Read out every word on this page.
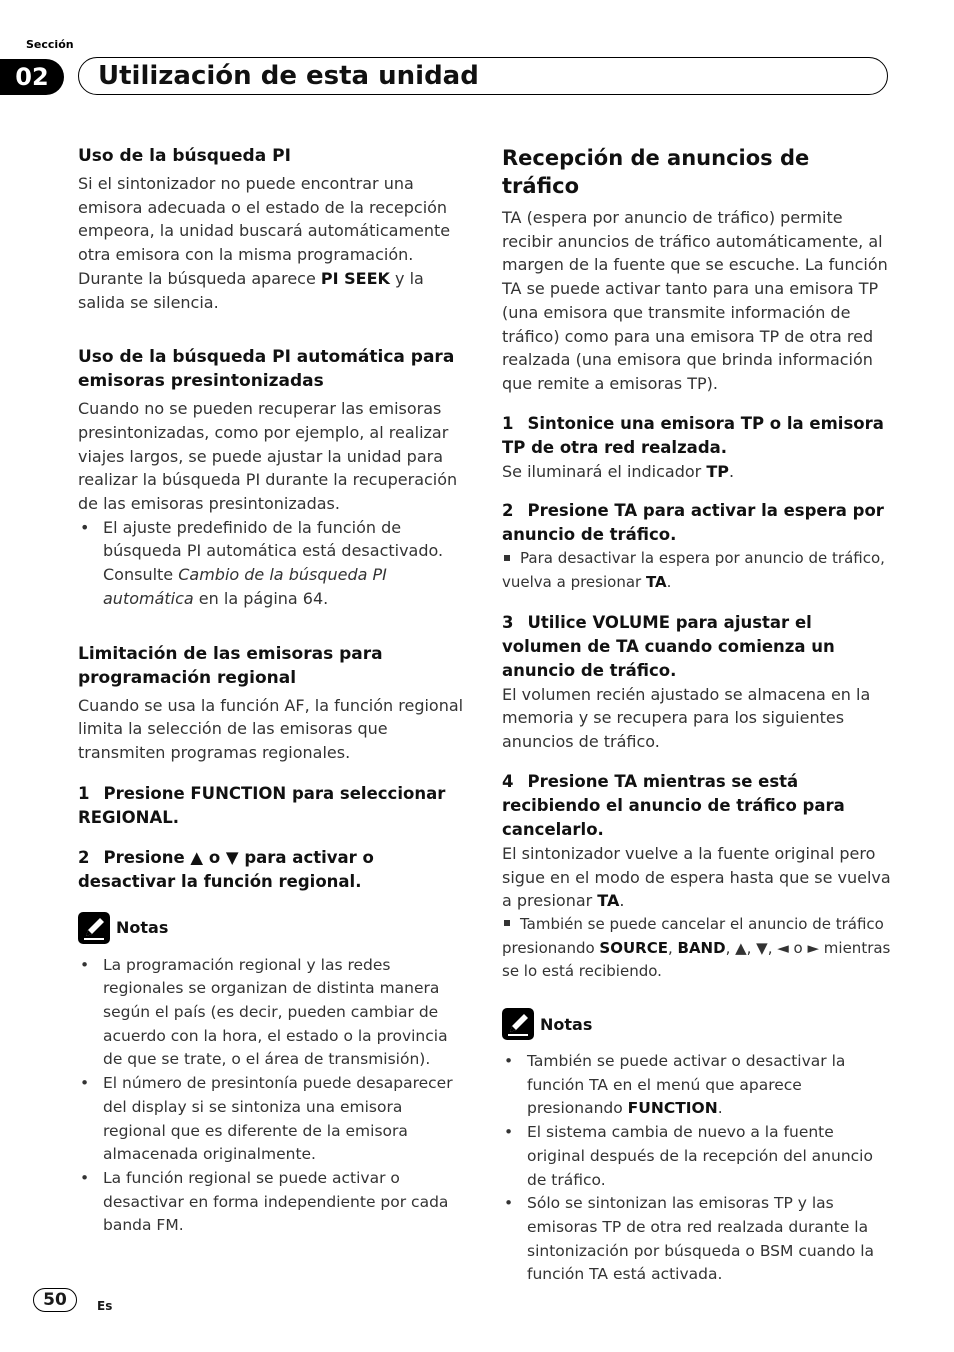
Sección
02	Utilización de esta unidad
Uso de la búsqueda PI

Si el sintonizador no puede encontrar una emisora adecuada o el estado de la recepción empeora, la unidad buscará automáticamente otra emisora con la misma programación. Durante la búsqueda aparece PI SEEK y la salida se silencia.

Uso de la búsqueda PI automática para emisoras presintonizadas

Cuando no se pueden recuperar las emisoras presintonizadas, como por ejemplo, al realizar viajes largos, se puede ajustar la unidad para realizar la búsqueda PI durante la recuperación de las emisoras presintonizadas.

• El ajuste predefinido de la función de búsqueda PI automática está desactivado. Consulte Cambio de la búsqueda PI automática en la página 64.
Limitación de las emisoras para programación regional

Cuando se usa la función AF, la función regional limita la selección de las emisoras que transmiten programas regionales.

1 Presione FUNCTION para seleccionar REGIONAL.

2 Presione ▲ o ▼ para activar o desactivar la función regional.

Notas
• La programación regional y las redes regionales se organizan de distinta manera según el país (es decir, pueden cambiar de acuerdo con la hora, el estado o la provincia de que se trate, o el área de transmisión).
• El número de presintonía puede desaparecer del display si se sintoniza una emisora regional que es diferente de la emisora almacenada originalmente.
• La función regional se puede activar o desactivar en forma independiente por cada banda FM.
Recepción de anuncios de tráfico

TA (espera por anuncio de tráfico) permite recibir anuncios de tráfico automáticamente, al margen de la fuente que se escuche. La función TA se puede activar tanto para una emisora TP (una emisora que transmite información de tráfico) como para una emisora TP de otra red realzada (una emisora que brinda información que remite a emisoras TP).

1 Sintonice una emisora TP o la emisora TP de otra red realzada.

Se iluminará el indicador TP.

2 Presione TA para activar la espera por anuncio de tráfico.

Para desactivar la espera por anuncio de tráfico, vuelva a presionar TA.

3 Utilice VOLUME para ajustar el volumen de TA cuando comienza un anuncio de tráfico.

El volumen recién ajustado se almacena en la memoria y se recupera para los siguientes anuncios de tráfico.

4 Presione TA mientras se está recibiendo el anuncio de tráfico para cancelarlo.

El sintonizador vuelve a la fuente original pero sigue en el modo de espera hasta que se vuelva a presionar TA.

También se puede cancelar el anuncio de tráfico presionando SOURCE, BAND, ▲, ▼, ◄ o ► mientras se lo está recibiendo.

Notas
• También se puede activar o desactivar la función TA en el menú que aparece presionando FUNCTION.
• El sistema cambia de nuevo a la fuente original después de la recepción del anuncio de tráfico.
• Sólo se sintonizan las emisoras TP y las emisoras TP de otra red realzada durante la sintonización por búsqueda o BSM cuando la función TA está activada.
50	Es
